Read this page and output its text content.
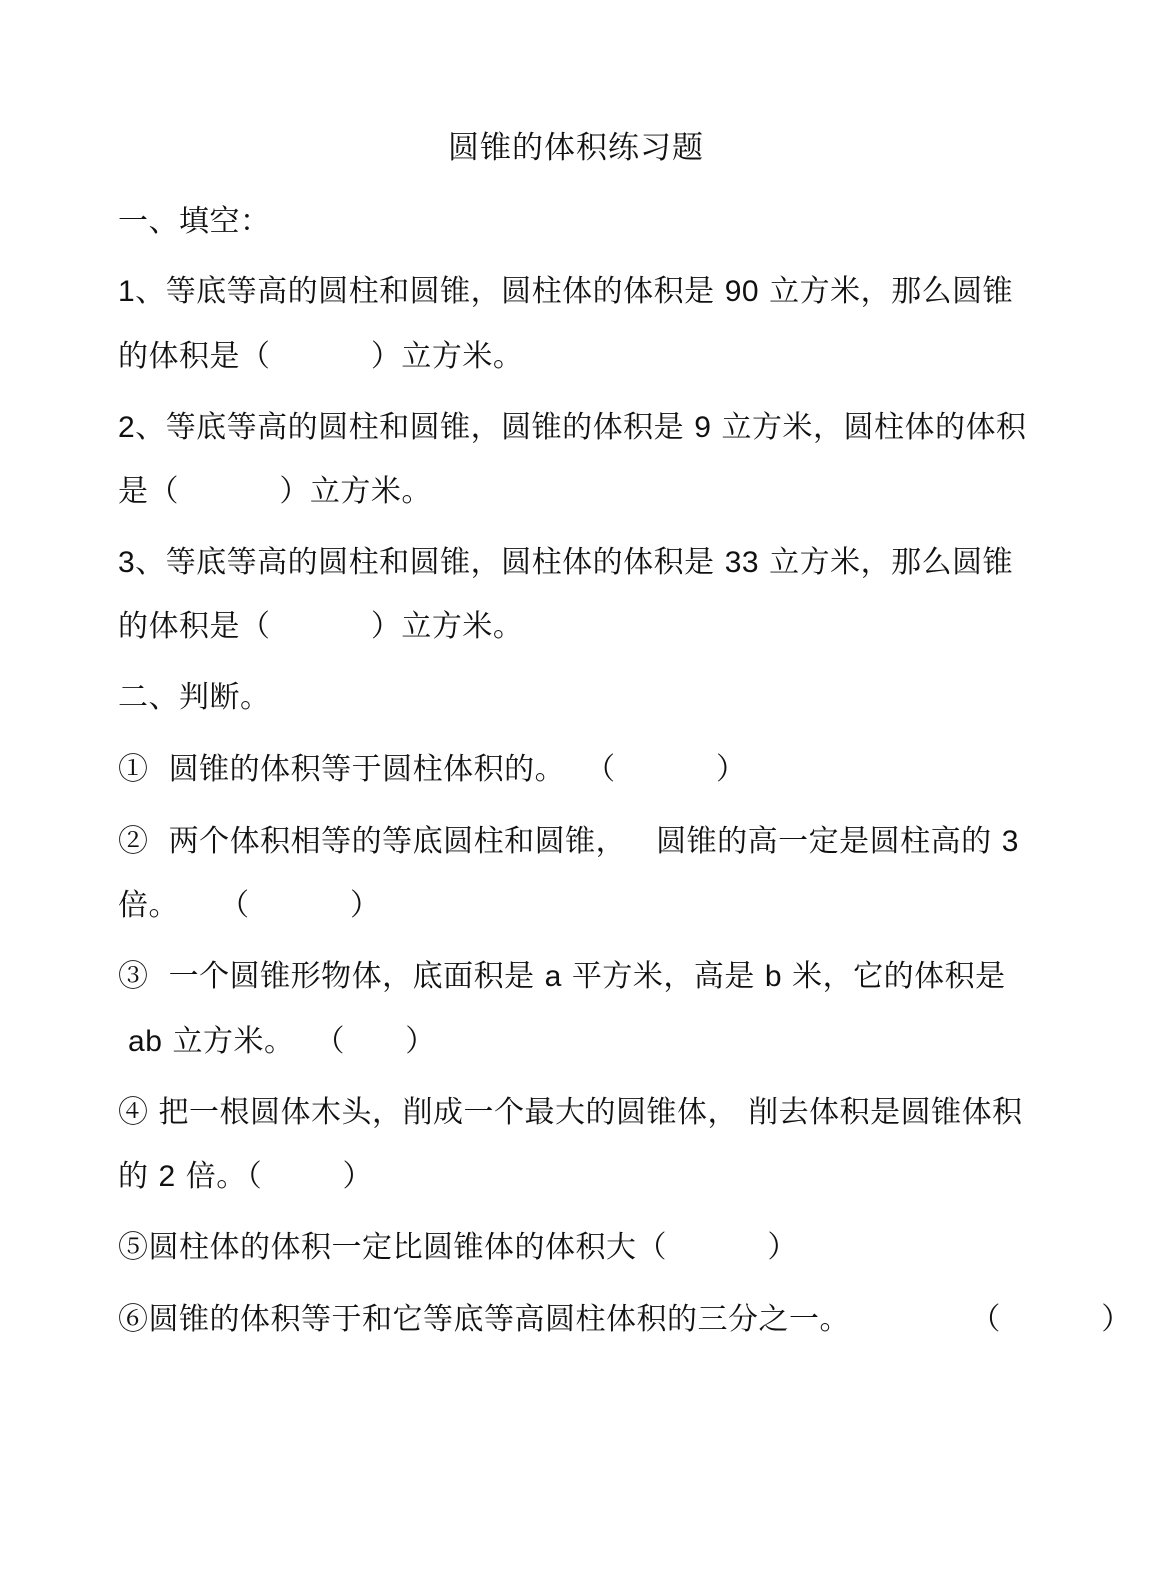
圆锥的体积练习题
一、填空：
1、等底等高的圆柱和圆锥，圆柱体的体积是 90 立方米，那么圆锥
的体积是（          ）立方米。
2、等底等高的圆柱和圆锥，圆锥的体积是 9 立方米，圆柱体的体积
是（          ）立方米。
3、等底等高的圆柱和圆锥，圆柱体的体积是 33 立方米，那么圆锥
的体积是（          ）立方米。
二、判断。
①  圆锥的体积等于圆柱体积的。  （          ）
②  两个体积相等的等底圆柱和圆锥，   圆锥的高一定是圆柱高的 3
倍。    （          ）
③  一个圆锥形物体，底面积是 a 平方米，高是 b 米，它的体积是
ab 立方米。  （      ）
④ 把一根圆体木头，削成一个最大的圆锥体， 削去体积是圆锥体积
的 2 倍。（        ）
⑤圆柱体的体积一定比圆锥体的体积大（          ）
⑥圆锥的体积等于和它等底等高圆柱体积的三分之一。            （          ）
